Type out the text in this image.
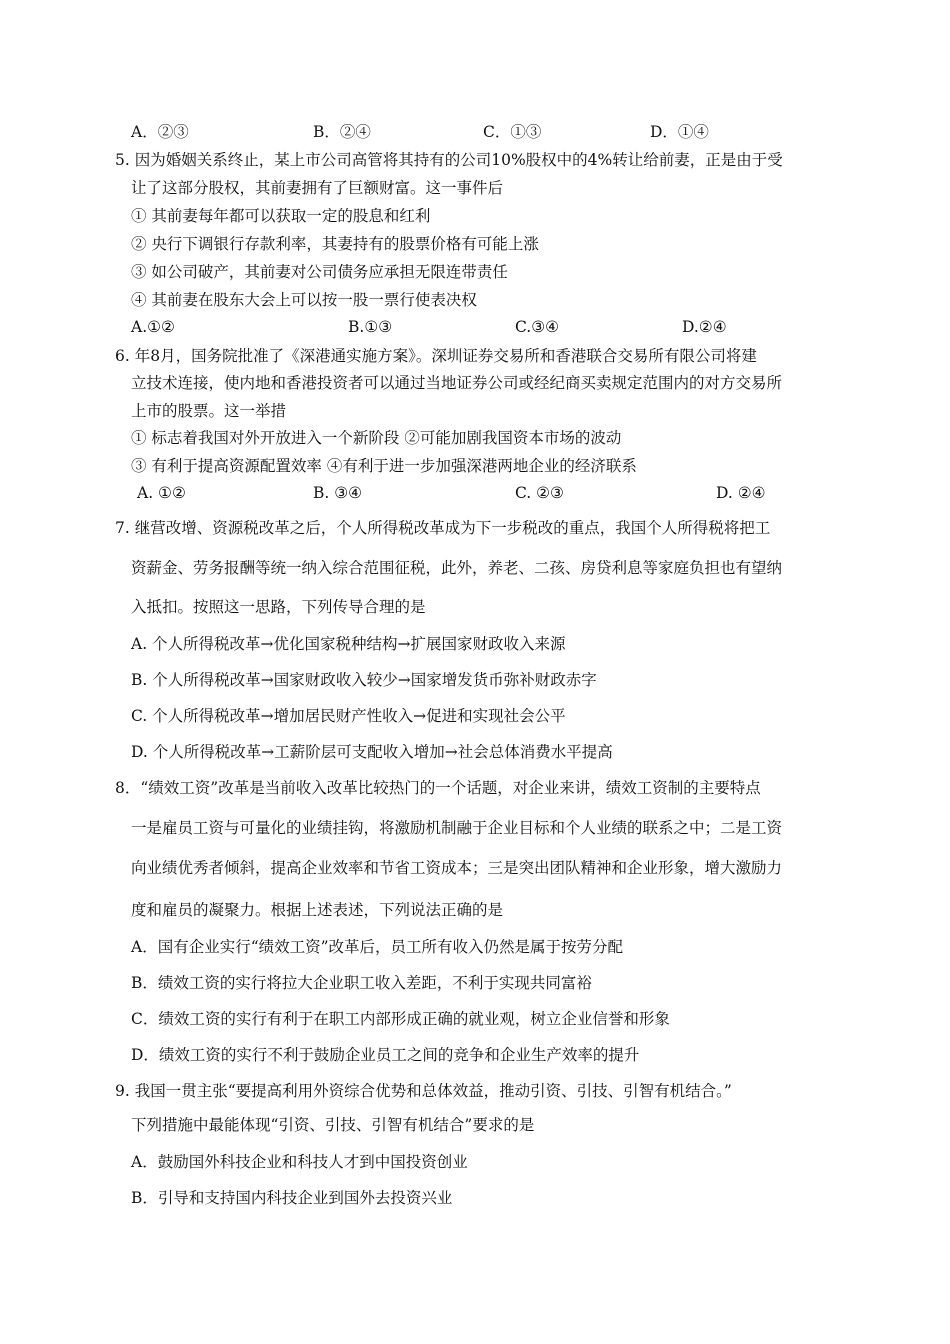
A．②③	B．②④	C．①③	D．①④
5. 因为婚姻关系终止，某上市公司高管将其持有的公司10%股权中的4%转让给前妻，正是由于受
让了这部分股权，其前妻拥有了巨额财富。这一事件后
① 其前妻每年都可以获取一定的股息和红利
② 央行下调银行存款利率，其妻持有的股票价格有可能上涨
③ 如公司破产，其前妻对公司债务应承担无限连带责任
④ 其前妻在股东大会上可以按一股一票行使表决权
A.①②	B.①③	C.③④	D.②④
6. 年8月，国务院批准了《深港通实施方案》。深圳证券交易所和香港联合交易所有限公司将建
立技术连接，使内地和香港投资者可以通过当地证券公司或经纪商买卖规定范围内的对方交易所
上市的股票。这一举措
① 标志着我国对外开放进入一个新阶段 ②可能加剧我国资本市场的波动
③ 有利于提高资源配置效率 ④有利于进一步加强深港两地企业的经济联系
A. ①②	B. ③④	C. ②③	D. ②④
7. 继营改增、资源税改革之后，个人所得税改革成为下一步税改的重点，我国个人所得税将把工
资薪金、劳务报酬等统一纳入综合范围征税，此外，养老、二孩、房贷利息等家庭负担也有望纳
入抵扣。按照这一思路，下列传导合理的是
A. 个人所得税改革→优化国家税种结构→扩展国家财政收入来源
B. 个人所得税改革→国家财政收入较少→国家增发货币弥补财政赤字
C. 个人所得税改革→增加居民财产性收入→促进和实现社会公平
D. 个人所得税改革→工薪阶层可支配收入增加→社会总体消费水平提高
8．“绩效工资”改革是当前收入改革比较热门的一个话题，对企业来讲，绩效工资制的主要特点
一是雇员工资与可量化的业绩挂钩，将激励机制融于企业目标和个人业绩的联系之中；二是工资
向业绩优秀者倾斜，提高企业效率和节省工资成本；三是突出团队精神和企业形象，增大激励力
度和雇员的凝聚力。根据上述表述，下列说法正确的是
A．国有企业实行“绩效工资”改革后，员工所有收入仍然是属于按劳分配
B．绩效工资的实行将拉大企业职工收入差距，不利于实现共同富裕
C．绩效工资的实行有利于在职工内部形成正确的就业观，树立企业信誉和形象
D．绩效工资的实行不利于鼓励企业员工之间的竞争和企业生产效率的提升
9. 我国一贯主张“要提高利用外资综合优势和总体效益，推动引资、引技、引智有机结合。”
下列措施中最能体现“引资、引技、引智有机结合”要求的是
A．鼓励国外科技企业和科技人才到中国投资创业
B．引导和支持国内科技企业到国外去投资兴业
